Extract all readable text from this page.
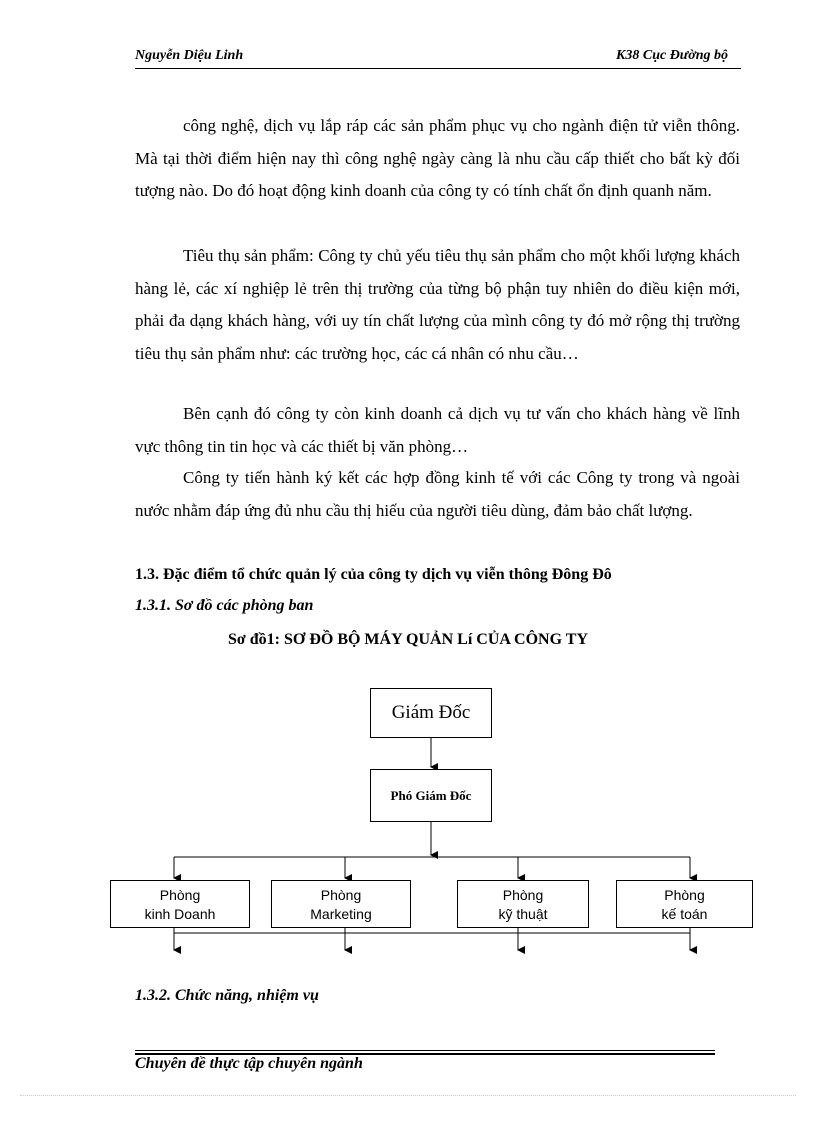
Nguyễn Diệu Linh	K38 Cục Đường bộ

công nghệ, dịch vụ lắp ráp các sản phẩm phục vụ cho ngành điện tử viễn thông. Mà tại thời điểm hiện nay thì công nghệ ngày càng là nhu cầu cấp thiết cho bất kỳ đối tượng nào. Do đó hoạt động kinh doanh của công ty có tính chất ổn định quanh năm.

Tiêu thụ sản phẩm: Công ty chủ yếu tiêu thụ sản phẩm cho một khối lượng khách hàng lẻ, các xí nghiệp lẻ trên thị trường của từng bộ phận tuy nhiên do điều kiện mới, phải đa dạng khách hàng, với uy tín chất lượng của mình công ty đó mở rộng thị trường tiêu thụ sản phẩm như: các trường học, các cá nhân có nhu cầu…

Bên cạnh đó công ty còn kinh doanh cả dịch vụ tư vấn cho khách hàng về lĩnh vực thông tin tin học và các thiết bị văn phòng…

Công ty tiến hành ký kết các hợp đồng kinh tế với các Công ty trong và ngoài nước nhằm đáp ứng đủ nhu cầu thị hiếu của người tiêu dùng, đảm bảo chất lượng.

1.3. Đặc điểm tổ chức quản lý của công ty dịch vụ viễn thông Đông Đô
1.3.1. Sơ đồ các phòng ban
Sơ đồ1: SƠ ĐỒ BỘ MÁY QUẢN Lí CỦA CÔNG TY
Giám Đốc
Phó Giám Đốc
Phòng
kinh Doanh
Phòng
Marketing
Phòng
kỹ thuật
Phòng
kế toán
1.3.2. Chức năng, nhiệm vụ
Chuyên đề thực tập chuyên ngành
